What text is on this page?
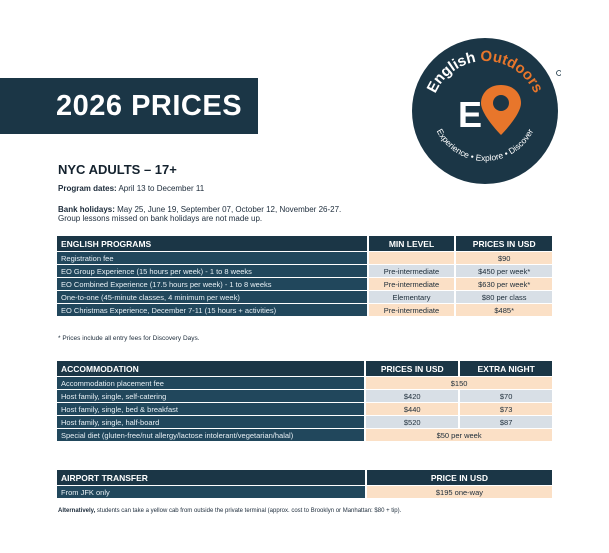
2026 PRICES
English Outdoors
Experience • Explore • Discover
E
NYC ADULTS – 17+
Program dates: April 13 to December 11
Bank holidays: May 25, June 19, September 07, October 12, November 26-27.
Group lessons missed on bank holidays are not made up.
ENGLISH PROGRAMS	MIN LEVEL	PRICES IN USD
Registration fee		$90
EO Group Experience (15 hours per week) - 1 to 8 weeks	Pre-intermediate	$450 per week*
EO Combined Experience (17.5 hours per week) - 1 to 8 weeks	Pre-intermediate	$630 per week*
One-to-one (45-minute classes, 4 minimum per week)	Elementary	$80 per class
EO Christmas Experience, December 7-11 (15 hours + activities)	Pre-intermediate	$485*
* Prices include all entry fees for Discovery Days.
ACCOMMODATION	PRICES IN USD	EXTRA NIGHT
Accommodation placement fee	$150	
Host family, single, self-catering	$420	$70
Host family, single, bed & breakfast	$440	$73
Host family, single, half-board	$520	$87
Special diet (gluten-free/nut allergy/lactose intolerant/vegetarian/halal)	$50 per week	
AIRPORT TRANSFER	PRICE IN USD
From JFK only	$195 one-way
Alternatively, students can take a yellow cab from outside the private terminal (approx. cost to Brooklyn or Manhattan: $80 + tip).
